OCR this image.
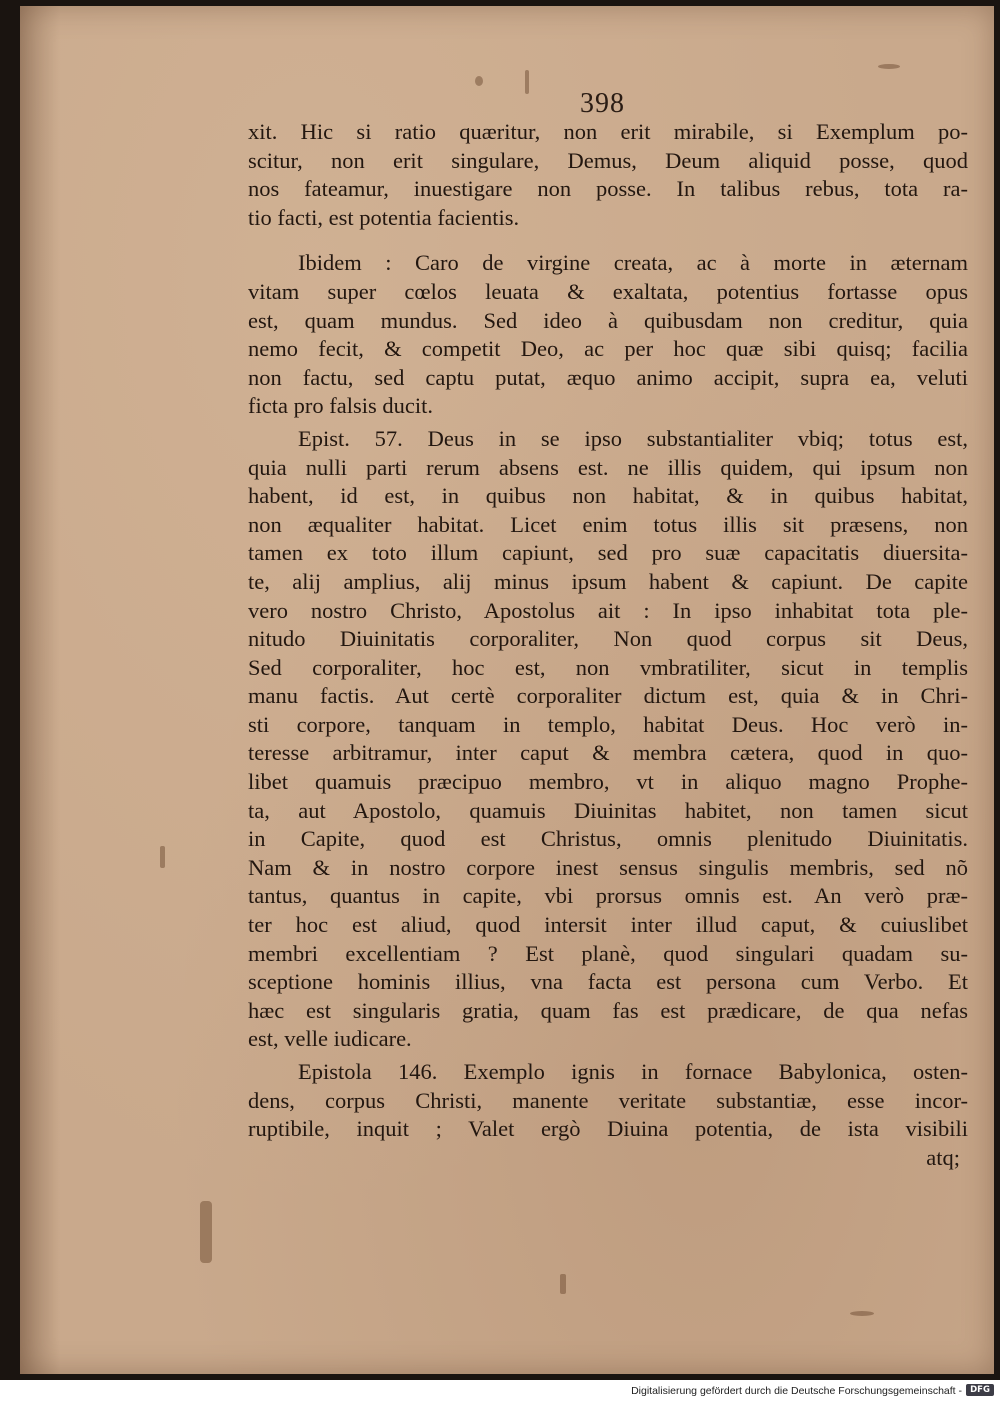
398
xit. Hic si ratio quæritur, non erit mirabile, si Exemplum po-
scitur, non erit singulare, Demus, Deum aliquid posse, quod
nos fateamur, inuestigare non posse. In talibus rebus, tota ra-
tio facti, est potentia facientis.
Ibidem : Caro de virgine creata, ac à morte in æternam
vitam super cœlos leuata & exaltata, potentius fortasse opus
est, quam mundus. Sed ideo à quibusdam non creditur, quia
nemo fecit, & competit Deo, ac per hoc quæ sibi quisq; facilia
non factu, sed captu putat, æquo animo accipit, supra ea, veluti
ficta pro falsis ducit.
Epist. 57. Deus in se ipso substantialiter vbiq; totus est,
quia nulli parti rerum absens est. ne illis quidem, qui ipsum non
habent, id est, in quibus non habitat, & in quibus habitat,
non æqualiter habitat. Licet enim totus illis sit præsens, non
tamen ex toto illum capiunt, sed pro suæ capacitatis diuersita-
te, alij amplius, alij minus ipsum habent & capiunt. De capite
vero nostro Christo, Apostolus ait : In ipso inhabitat tota ple-
nitudo Diuinitatis corporaliter, Non quod corpus sit Deus,
Sed corporaliter, hoc est, non vmbratiliter, sicut in templis
manu factis. Aut certè corporaliter dictum est, quia & in Chri-
sti corpore, tanquam in templo, habitat Deus. Hoc verò in-
teresse arbitramur, inter caput & membra cætera, quod in quo-
libet quamuis præcipuo membro, vt in aliquo magno Prophe-
ta, aut Apostolo, quamuis Diuinitas habitet, non tamen sicut
in Capite, quod est Christus, omnis plenitudo Diuinitatis.
Nam & in nostro corpore inest sensus singulis membris, sed nõ
tantus, quantus in capite, vbi prorsus omnis est. An verò præ-
ter hoc est aliud, quod intersit inter illud caput, & cuiuslibet
membri excellentiam ? Est planè, quod singulari quadam su-
sceptione hominis illius, vna facta est persona cum Verbo. Et
hæc est singularis gratia, quam fas est prædicare, de qua nefas
est, velle iudicare.
Epistola 146. Exemplo ignis in fornace Babylonica, osten-
dens, corpus Christi, manente veritate substantiæ, esse incor-
ruptibile, inquit ; Valet ergò Diuina potentia, de ista visibili
atq;
Digitalisierung gefördert durch die Deutsche Forschungsgemeinschaft - DFG
